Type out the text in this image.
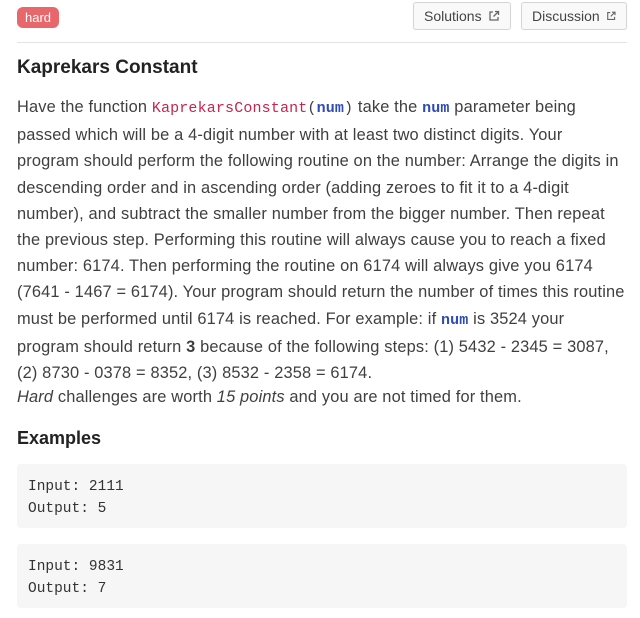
hard	Solutions	Discussion
Kaprekars Constant

Have the function KaprekarsConstant(num) take the num parameter being passed which will be a 4-digit number with at least two distinct digits. Your program should perform the following routine on the number: Arrange the digits in descending order and in ascending order (adding zeroes to fit it to a 4-digit number), and subtract the smaller number from the bigger number. Then repeat the previous step. Performing this routine will always cause you to reach a fixed number: 6174. Then performing the routine on 6174 will always give you 6174 (7641 - 1467 = 6174). Your program should return the number of times this routine must be performed until 6174 is reached. For example: if num is 3524 your program should return 3 because of the following steps: (1) 5432 - 2345 = 3087, (2) 8730 - 0378 = 8352, (3) 8532 - 2358 = 6174.

Hard challenges are worth 15 points and you are not timed for them.

Examples
Input: 2111
Output: 5
Input: 9831
Output: 7
